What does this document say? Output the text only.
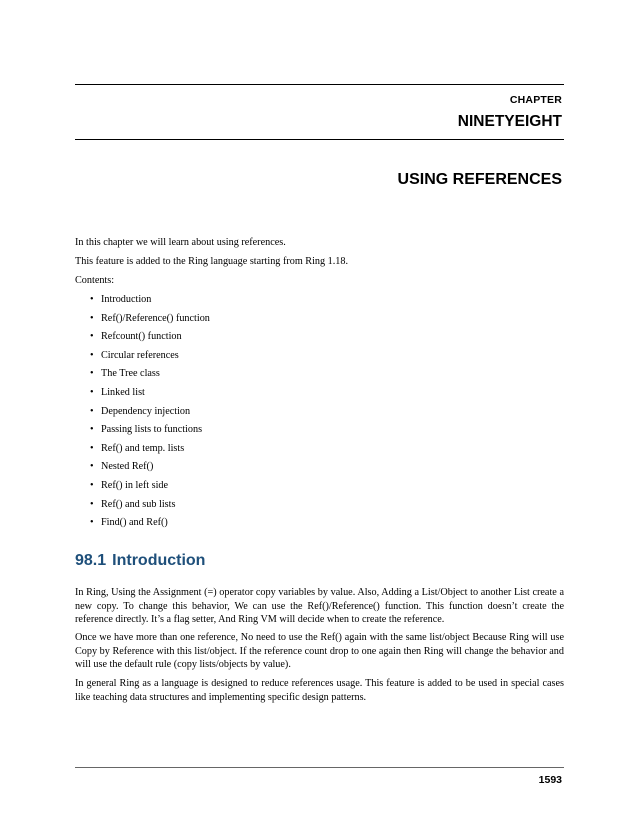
CHAPTER
NINETYEIGHT
USING REFERENCES

In this chapter we will learn about using references.

This feature is added to the Ring language starting from Ring 1.18.

Contents:

• Introduction
• Ref()/Reference() function
• Refcount() function
• Circular references
• The Tree class
• Linked list
• Dependency injection
• Passing lists to functions
• Ref() and temp. lists
• Nested Ref()
• Ref() in left side
• Ref() and sub lists
• Find() and Ref()
98.1 Introduction

In Ring, Using the Assignment (=) operator copy variables by value. Also, Adding a List/Object to another List create a new copy. To change this behavior, We can use the Ref()/Reference() function. This function doesn’t create the reference directly. It’s a flag setter, And Ring VM will decide when to create the reference.

Once we have more than one reference, No need to use the Ref() again with the same list/object Because Ring will use Copy by Reference with this list/object. If the reference count drop to one again then Ring will change the behavior and will use the default rule (copy lists/objects by value).

In general Ring as a language is designed to reduce references usage. This feature is added to be used in special cases like teaching data structures and implementing specific design patterns.

1593
